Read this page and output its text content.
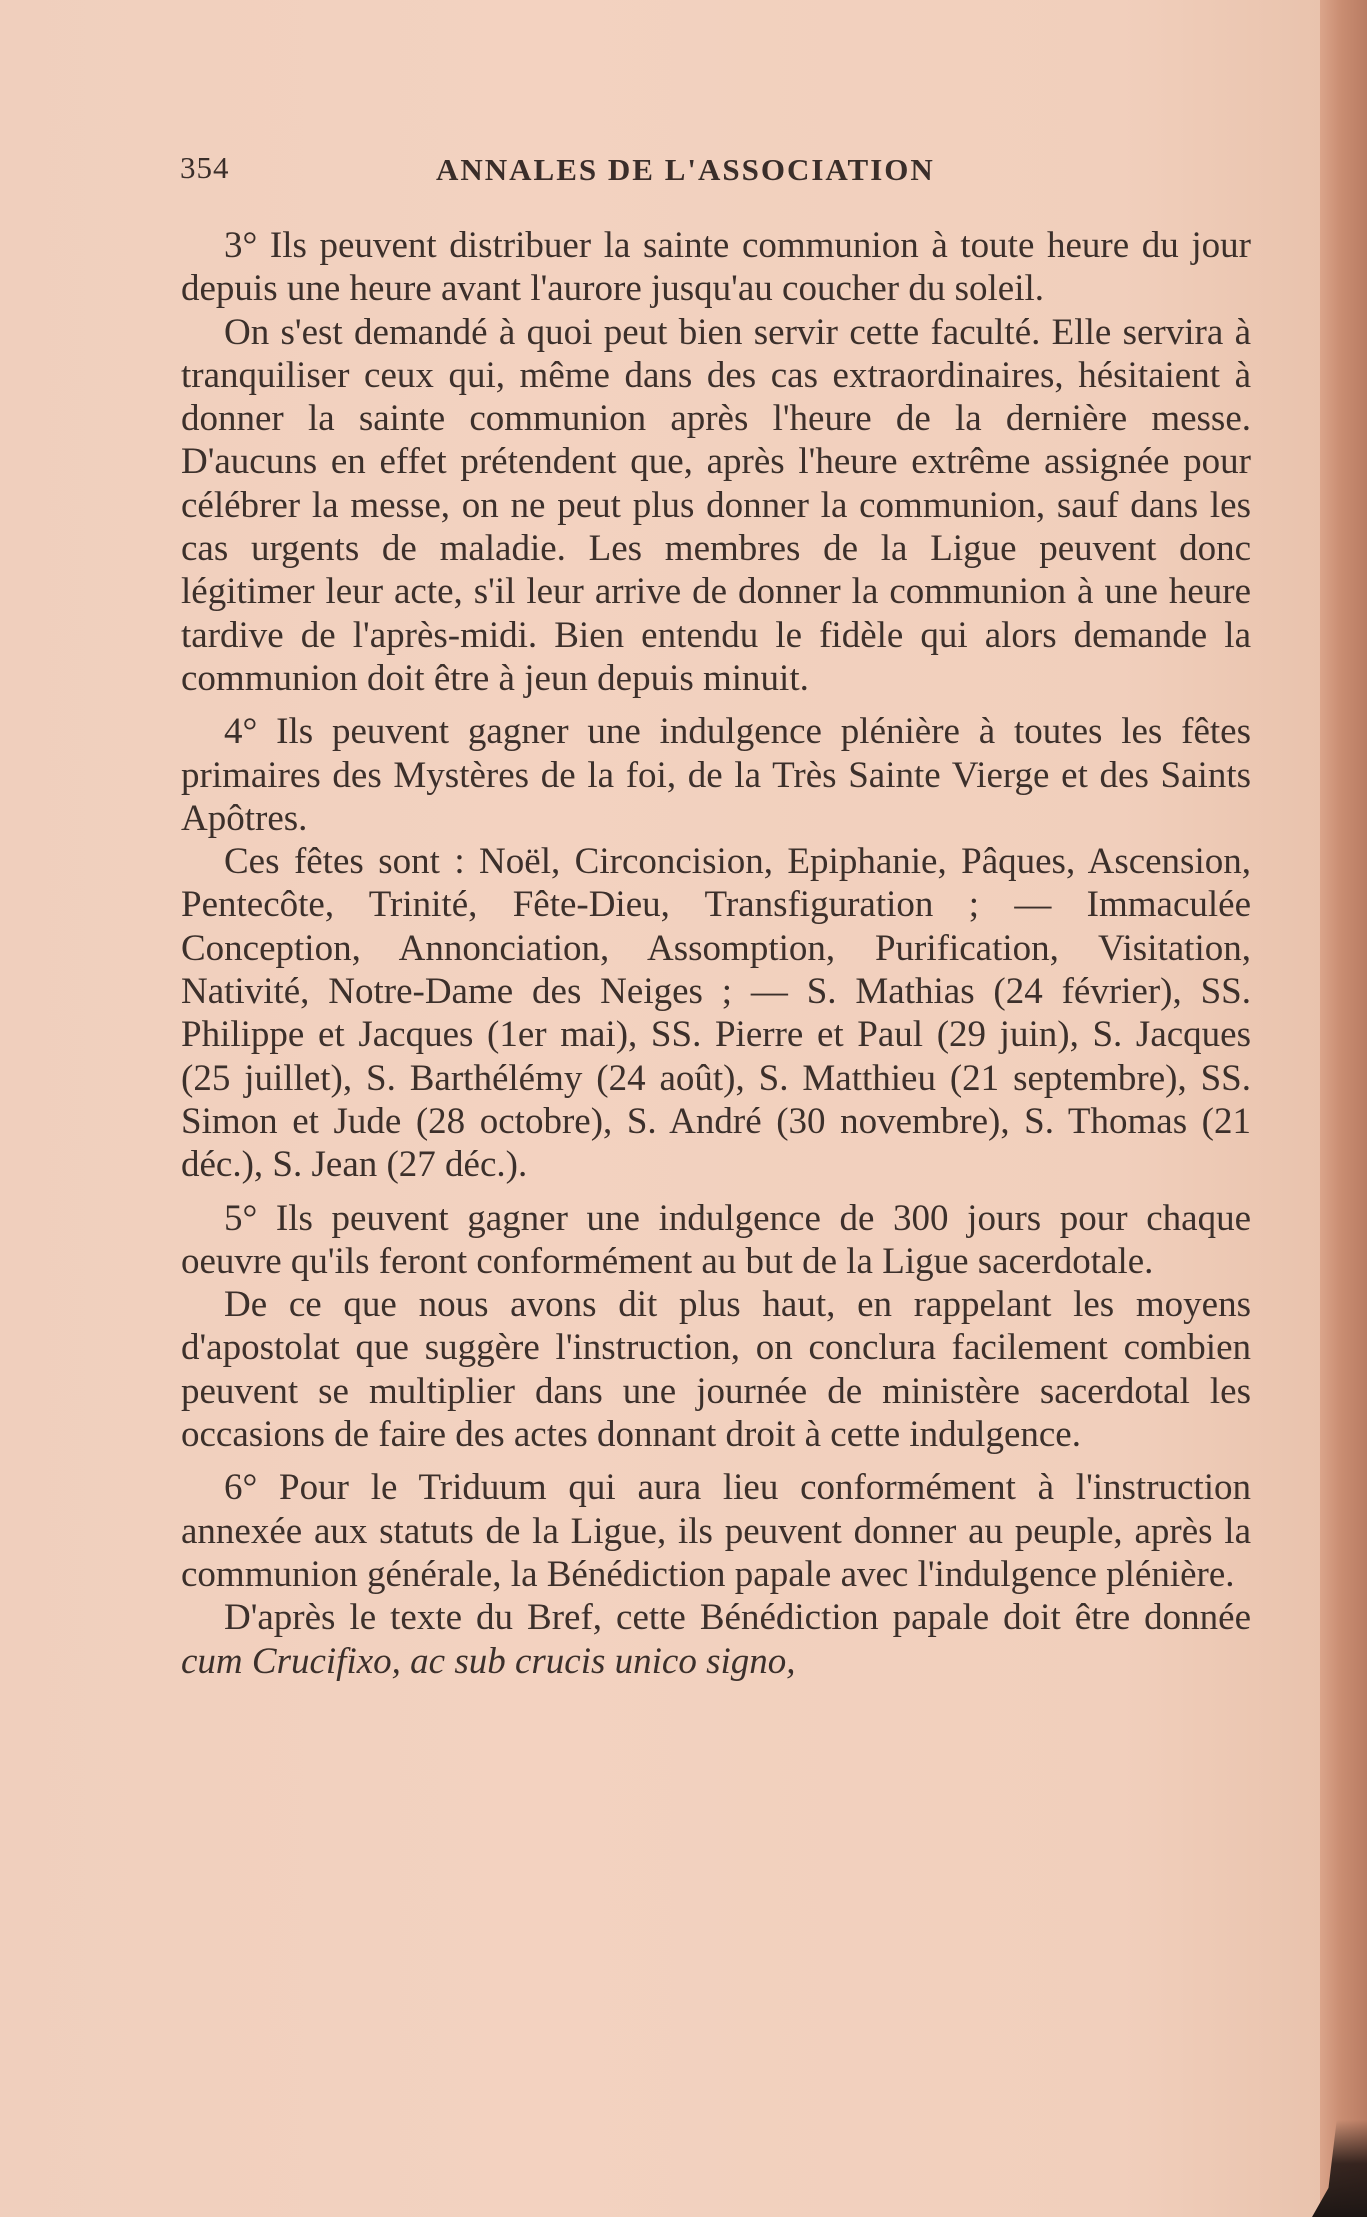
354	ANNALES DE L'ASSOCIATION

3° Ils peuvent distribuer la sainte communion à toute heure du jour depuis une heure avant l'aurore jusqu'au coucher du soleil.

On s'est demandé à quoi peut bien servir cette faculté. Elle servira à tranquiliser ceux qui, même dans des cas extraordinaires, hésitaient à donner la sainte communion après l'heure de la dernière messe. D'aucuns en effet prétendent que, après l'heure extrême assignée pour célébrer la messe, on ne peut plus donner la communion, sauf dans les cas urgents de maladie. Les membres de la Ligue peuvent donc légitimer leur acte, s'il leur arrive de donner la communion à une heure tardive de l'après-midi. Bien entendu le fidèle qui alors demande la communion doit être à jeun depuis minuit.

4° Ils peuvent gagner une indulgence plénière à toutes les fêtes primaires des Mystères de la foi, de la Très Sainte Vierge et des Saints Apôtres.

Ces fêtes sont : Noël, Circoncision, Epiphanie, Pâques, Ascension, Pentecôte, Trinité, Fête-Dieu, Transfiguration ; — Immaculée Conception, Annonciation, Assomption, Purification, Visitation, Nativité, Notre-Dame des Neiges ; — S. Mathias (24 février), SS. Philippe et Jacques (1er mai), SS. Pierre et Paul (29 juin), S. Jacques (25 juillet), S. Barthélémy (24 août), S. Matthieu (21 septembre), SS. Simon et Jude (28 octobre), S. André (30 novembre), S. Thomas (21 déc.), S. Jean (27 déc.).

5° Ils peuvent gagner une indulgence de 300 jours pour chaque oeuvre qu'ils feront conformément au but de la Ligue sacerdotale.

De ce que nous avons dit plus haut, en rappelant les moyens d'apostolat que suggère l'instruction, on conclura facilement combien peuvent se multiplier dans une journée de ministère sacerdotal les occasions de faire des actes donnant droit à cette indulgence.

6° Pour le Triduum qui aura lieu conformément à l'instruction annexée aux statuts de la Ligue, ils peuvent donner au peuple, après la communion générale, la Bénédiction papale avec l'indulgence plénière.

D'après le texte du Bref, cette Bénédiction papale doit être donnée cum Crucifixo, ac sub crucis unico signo,
